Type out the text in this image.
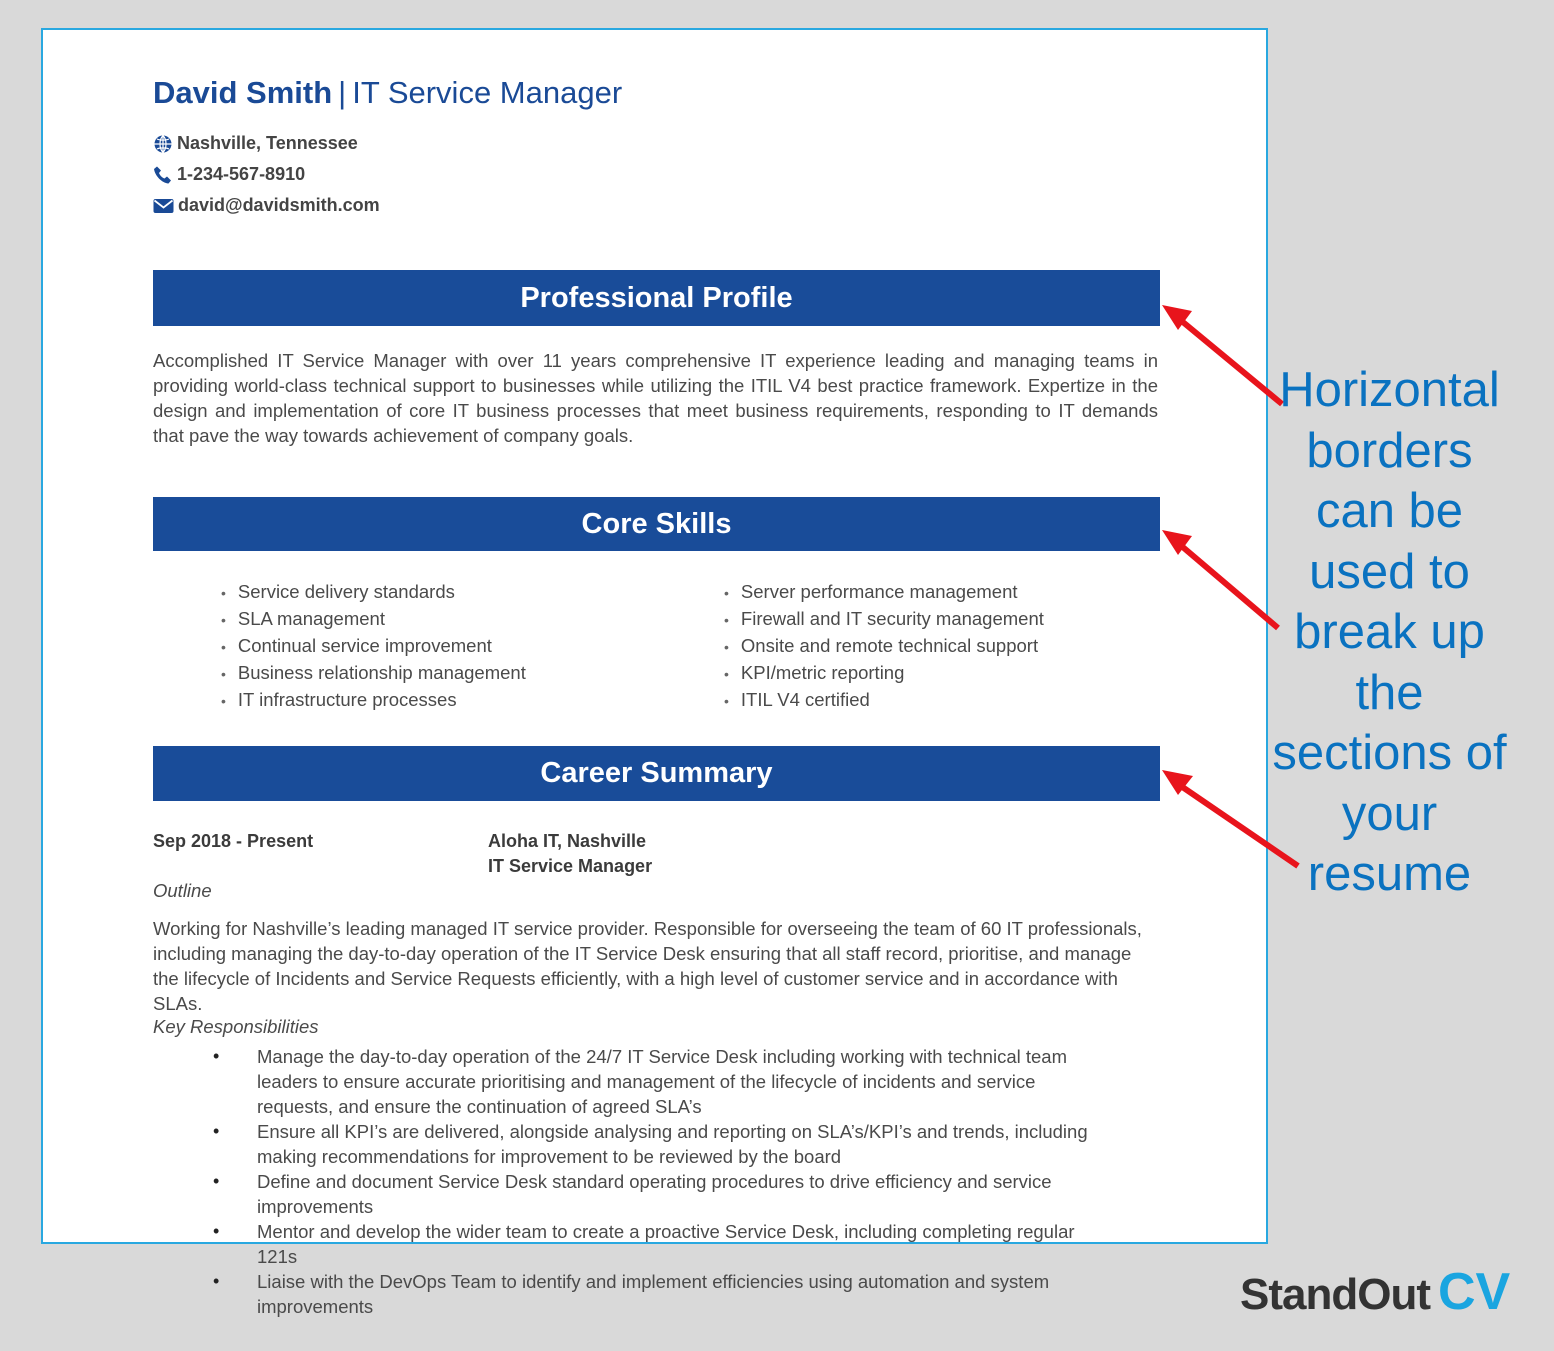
David Smith | IT Service Manager
Nashville, Tennessee
1-234-567-8910
david@davidsmith.com
Professional Profile

Accomplished IT Service Manager with over 11 years comprehensive IT experience leading and managing teams in providing world-class technical support to businesses while utilizing the ITIL V4 best practice framework. Expertize in the design and implementation of core IT business processes that meet business requirements, responding to IT demands that pave the way towards achievement of company goals.

Core Skills
• Service delivery standards
• SLA management
• Continual service improvement
• Business relationship management
• IT infrastructure processes
• Server performance management
• Firewall and IT security management
• Onsite and remote technical support
• KPI/metric reporting
• ITIL V4 certified
Career Summary
Sep 2018 - Present	Aloha IT, Nashville
IT Service Manager
Outline

Working for Nashville’s leading managed IT service provider. Responsible for overseeing the team of 60 IT professionals, including managing the day-to-day operation of the IT Service Desk ensuring that all staff record, prioritise, and manage the lifecycle of Incidents and Service Requests efficiently, with a high level of customer service and in accordance with SLAs.

Key Responsibilities
• Manage the day-to-day operation of the 24/7 IT Service Desk including working with technical team leaders to ensure accurate prioritising and management of the lifecycle of incidents and service requests, and ensure the continuation of agreed SLA’s
• Ensure all KPI’s are delivered, alongside analysing and reporting on SLA’s/KPI’s and trends, including making recommendations for improvement to be reviewed by the board
• Define and document Service Desk standard operating procedures to drive efficiency and service improvements
• Mentor and develop the wider team to create a proactive Service Desk, including completing regular 121s
• Liaise with the DevOps Team to identify and implement efficiencies using automation and system improvements
Horizontal borders can be used to break up the sections of your resume
StandOut CV
